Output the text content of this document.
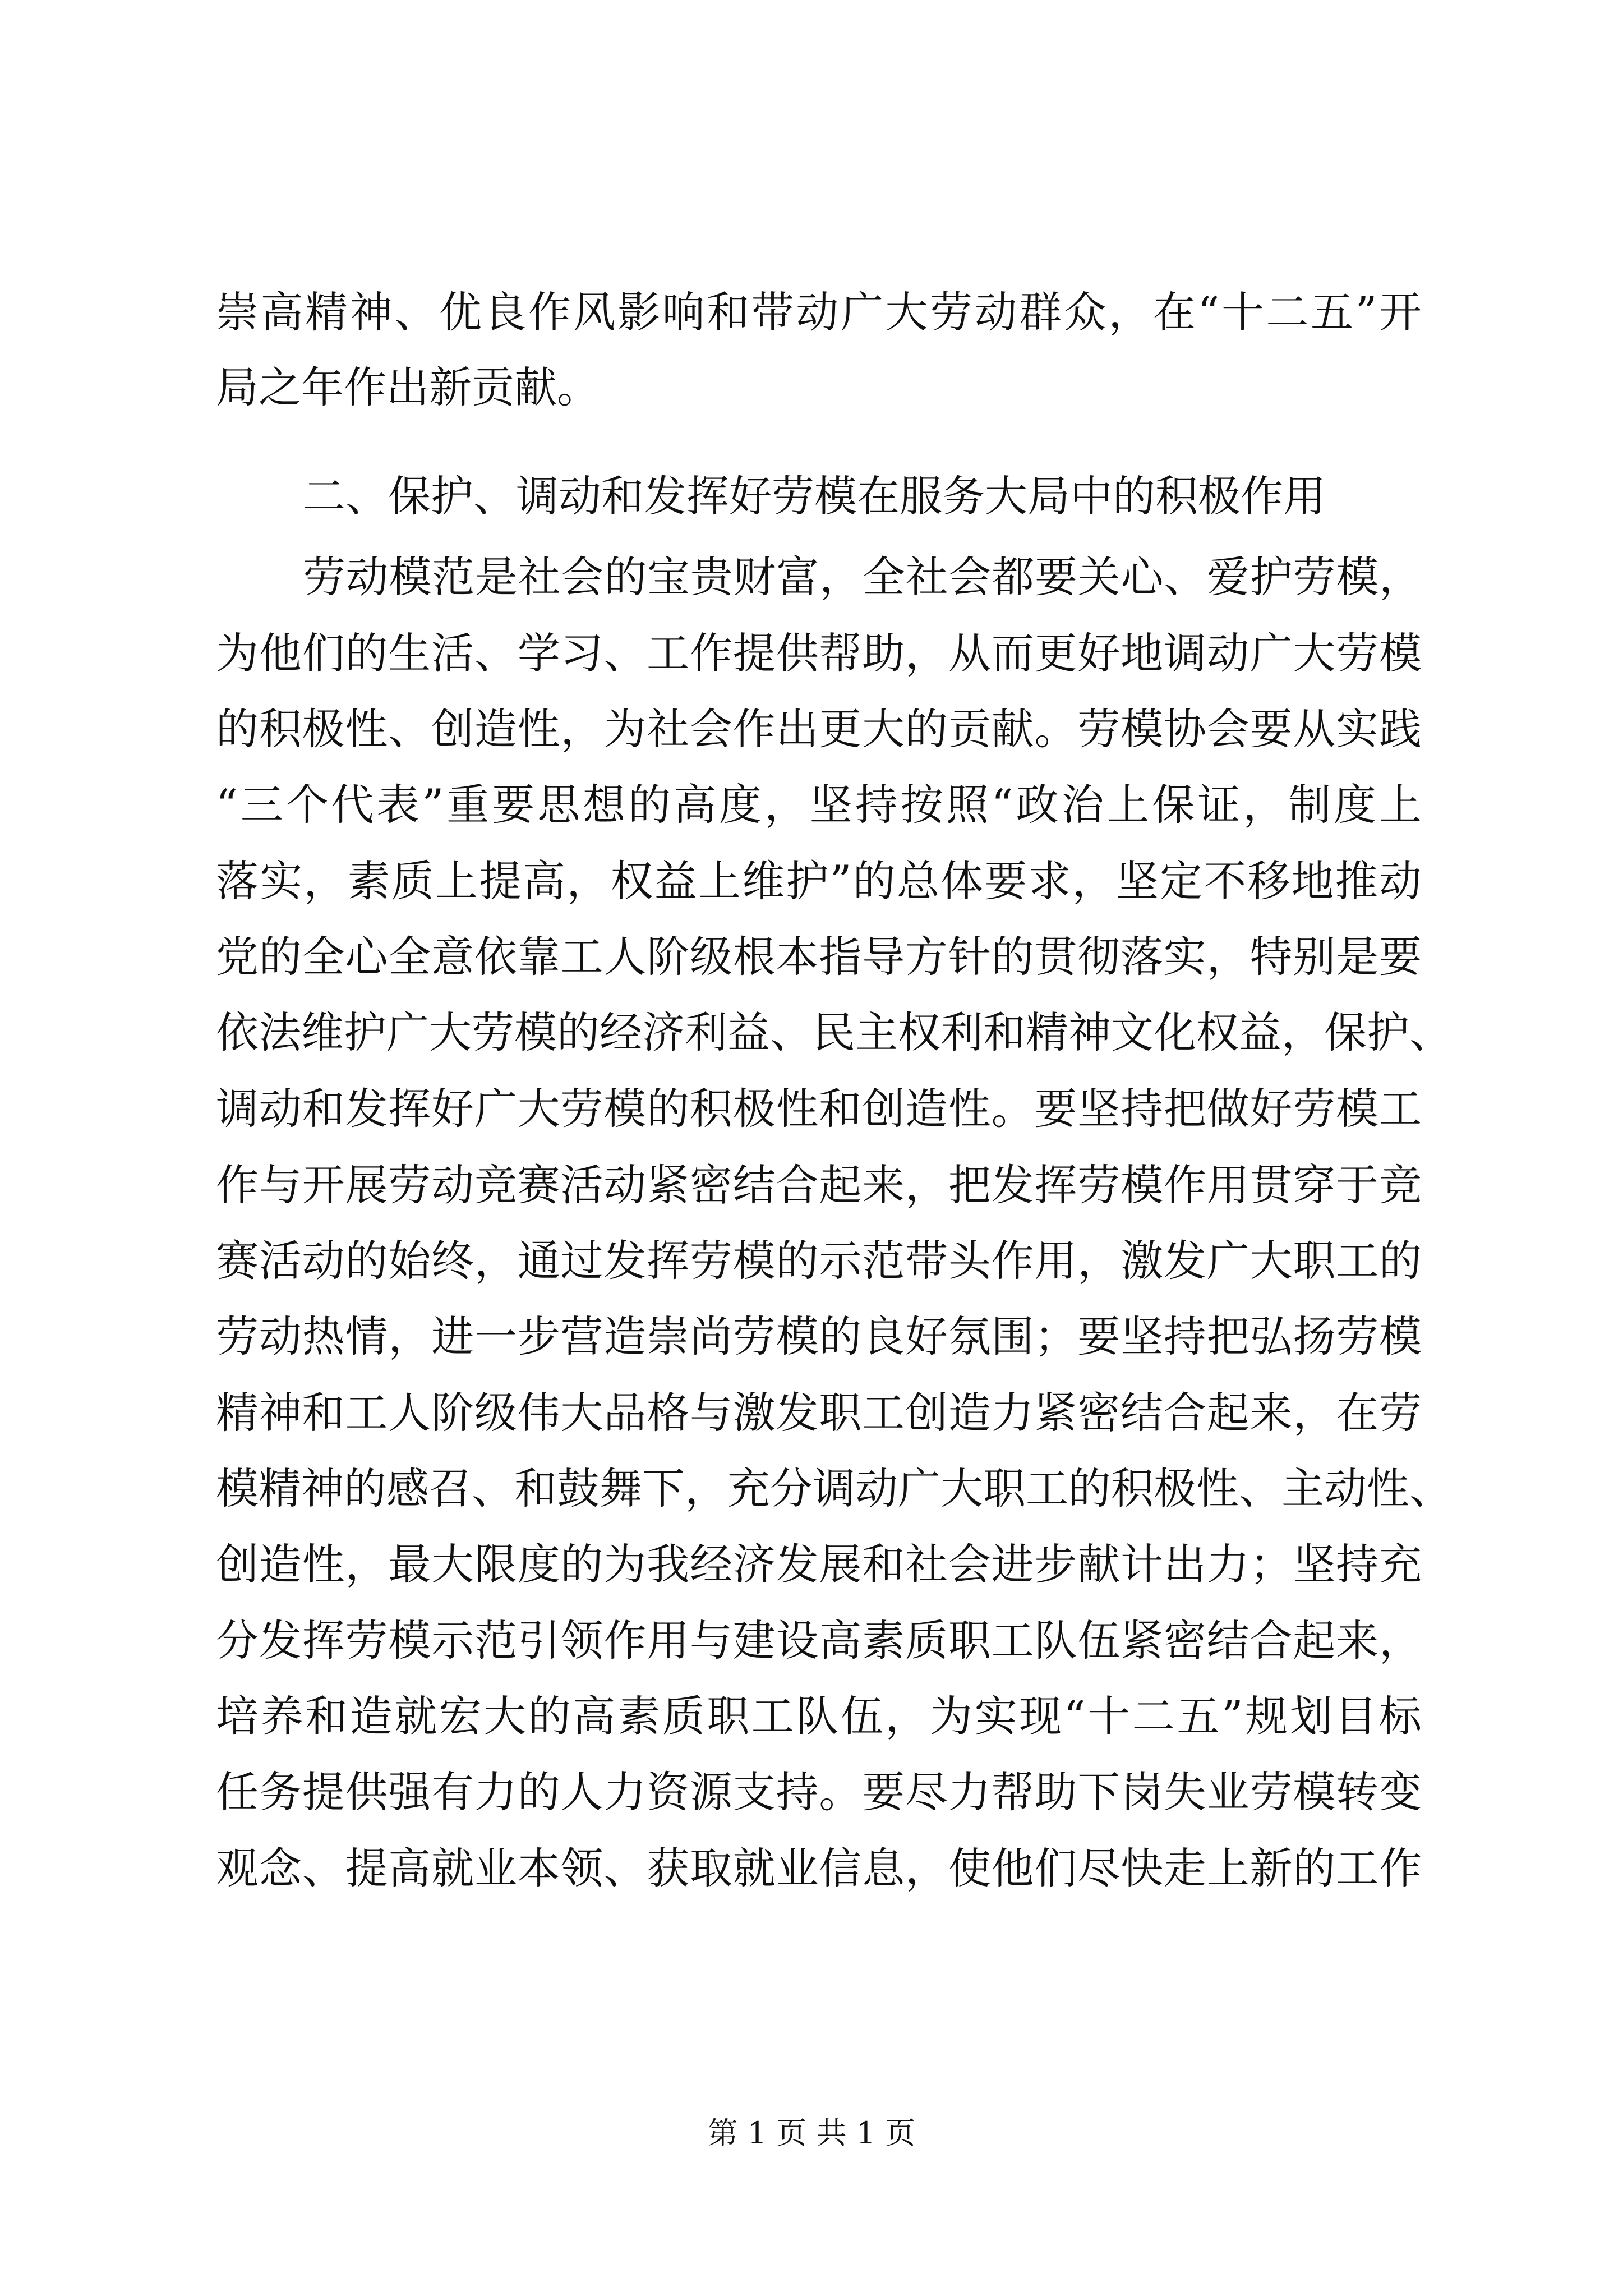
崇高精神、优良作风影响和带动广大劳动群众，在“十二五”开
局之年作出新贡献。
二、保护、调动和发挥好劳模在服务大局中的积极作用
劳动模范是社会的宝贵财富，全社会都要关心、爱护劳模，
为他们的生活、学习、工作提供帮助，从而更好地调动广大劳模
的积极性、创造性，为社会作出更大的贡献。劳模协会要从实践
“三个代表”重要思想的高度，坚持按照“政治上保证，制度上
落实，素质上提高，权益上维护”的总体要求，坚定不移地推动
党的全心全意依靠工人阶级根本指导方针的贯彻落实，特别是要
依法维护广大劳模的经济利益、民主权利和精神文化权益，保护、
调动和发挥好广大劳模的积极性和创造性。要坚持把做好劳模工
作与开展劳动竞赛活动紧密结合起来，把发挥劳模作用贯穿于竞
赛活动的始终，通过发挥劳模的示范带头作用，激发广大职工的
劳动热情，进一步营造崇尚劳模的良好氛围；要坚持把弘扬劳模
精神和工人阶级伟大品格与激发职工创造力紧密结合起来，在劳
模精神的感召、和鼓舞下，充分调动广大职工的积极性、主动性、
创造性，最大限度的为我经济发展和社会进步献计出力；坚持充
分发挥劳模示范引领作用与建设高素质职工队伍紧密结合起来，
培养和造就宏大的高素质职工队伍，为实现“十二五”规划目标
任务提供强有力的人力资源支持。要尽力帮助下岗失业劳模转变
观念、提高就业本领、获取就业信息，使他们尽快走上新的工作
第 1 页 共 1 页
